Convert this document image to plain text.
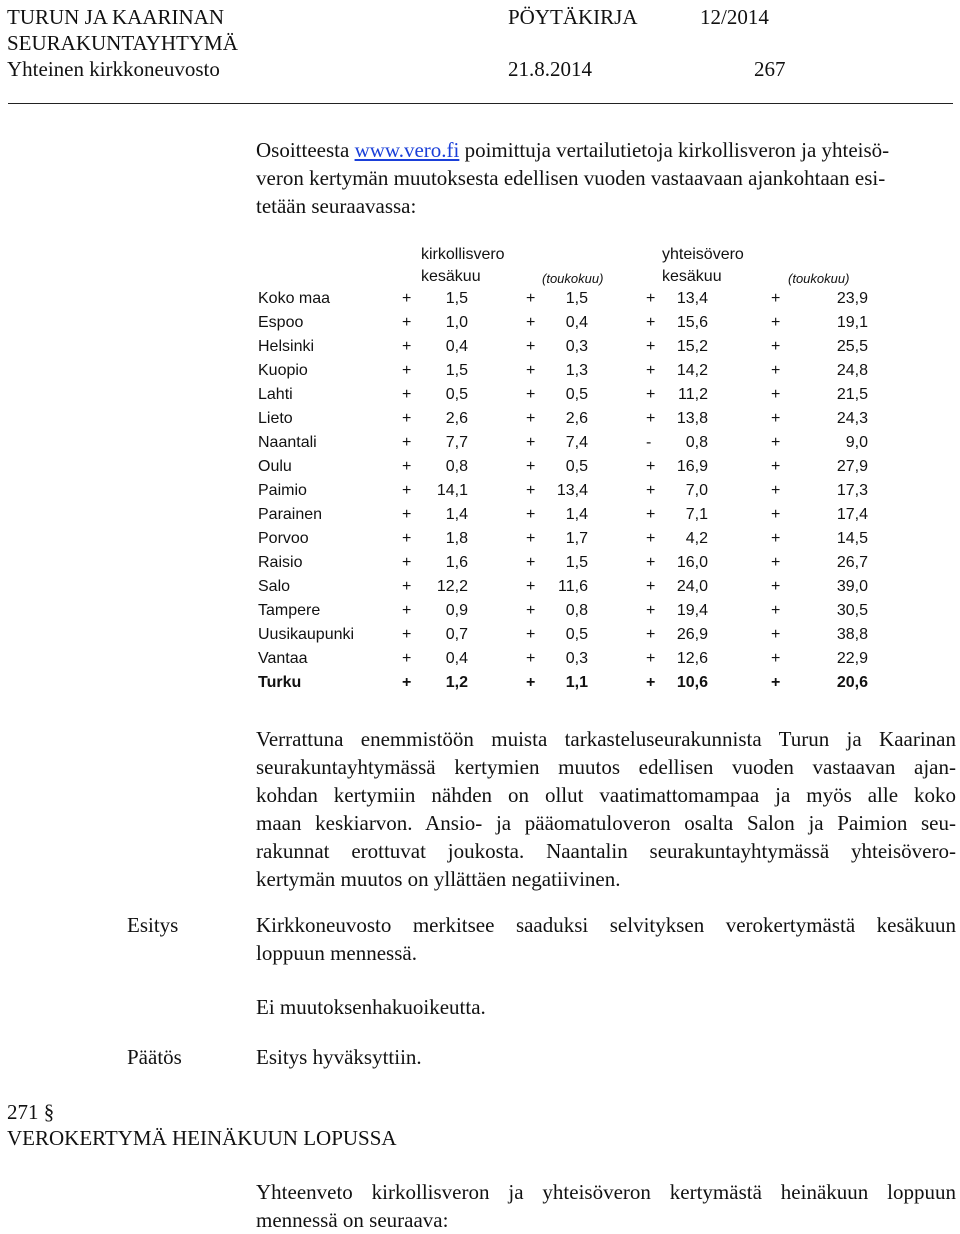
TURUN JA KAARINAN
SEURAKUNTAYHTYMÄ
Yhteinen kirkkoneuvosto
PÖYTÄKIRJA	12/2014
21.8.2014	267
Osoitteesta www.vero.fi poimittuja vertailutietoja kirkollisveron ja yhteisö-
veron kertymän muutoksesta edellisen vuoden vastaavaan ajankohtaan esi-
tetään seuraavassa:
kirkollisvero	yhteisövero
kesäkuu	(toukokuu)	kesäkuu	(toukokuu)
Koko maa	+	1,5	+	1,5	+	13,4	+	23,9
Espoo	+	1,0	+	0,4	+	15,6	+	19,1
Helsinki	+	0,4	+	0,3	+	15,2	+	25,5
Kuopio	+	1,5	+	1,3	+	14,2	+	24,8
Lahti	+	0,5	+	0,5	+	11,2	+	21,5
Lieto	+	2,6	+	2,6	+	13,8	+	24,3
Naantali	+	7,7	+	7,4	-	0,8	+	9,0
Oulu	+	0,8	+	0,5	+	16,9	+	27,9
Paimio	+	14,1	+	13,4	+	7,0	+	17,3
Parainen	+	1,4	+	1,4	+	7,1	+	17,4
Porvoo	+	1,8	+	1,7	+	4,2	+	14,5
Raisio	+	1,6	+	1,5	+	16,0	+	26,7
Salo	+	12,2	+	11,6	+	24,0	+	39,0
Tampere	+	0,9	+	0,8	+	19,4	+	30,5
Uusikaupunki	+	0,7	+	0,5	+	26,9	+	38,8
Vantaa	+	0,4	+	0,3	+	12,6	+	22,9
Turku	+	1,2	+	1,1	+	10,6	+	20,6
Verrattuna enemmistöön muista tarkasteluseurakunnista Turun ja Kaarinan
seurakuntayhtymässä kertymien muutos edellisen vuoden vastaavan ajan-
kohdan kertymiin nähden on ollut vaatimattomampaa ja myös alle koko
maan keskiarvon. Ansio- ja pääomatuloveron osalta Salon ja Paimion seu-
rakunnat erottuvat joukosta. Naantalin seurakuntayhtymässä yhteisövero-
kertymän muutos on yllättäen negatiivinen.
Esitys	Kirkkoneuvosto merkitsee saaduksi selvityksen verokertymästä kesäkuun
loppuun mennessä.
Ei muutoksenhakuoikeutta.
Päätös	Esitys hyväksyttiin.
271 §
VEROKERTYMÄ HEINÄKUUN LOPUSSA
Yhteenveto kirkollisveron ja yhteisöveron kertymästä heinäkuun loppuun
mennessä on seuraava:
